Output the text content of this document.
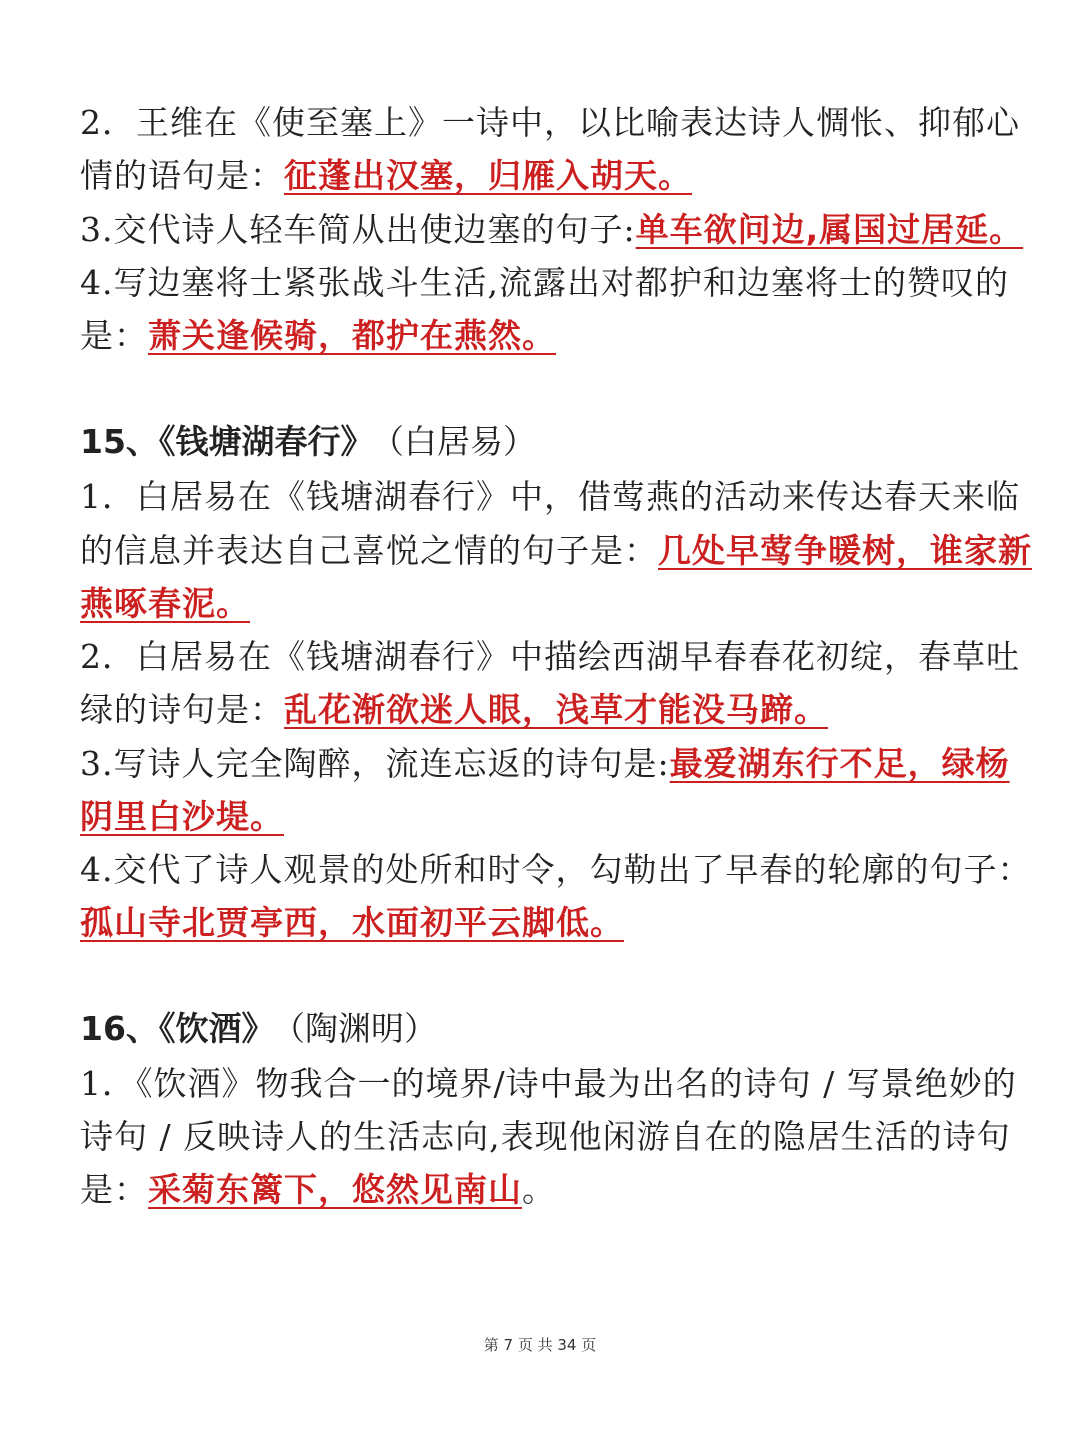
2．王维在《使至塞上》一诗中，以比喻表达诗人惆怅、抑郁心
情的语句是：征蓬出汉塞，归雁入胡天。
3.交代诗人轻车简从出使边塞的句子:单车欲问边,属国过居延。
4.写边塞将士紧张战斗生活,流露出对都护和边塞将士的赞叹的
是：萧关逢候骑，都护在燕然。
15、《钱塘湖春行》 （白居易）
1．白居易在《钱塘湖春行》中，借莺燕的活动来传达春天来临
的信息并表达自己喜悦之情的句子是：几处早莺争暖树，谁家新
燕啄春泥。
2．白居易在《钱塘湖春行》中描绘西湖早春春花初绽，春草吐
绿的诗句是：乱花渐欲迷人眼，浅草才能没马蹄。
3.写诗人完全陶醉，流连忘返的诗句是:最爱湖东行不足，绿杨
阴里白沙堤。
4.交代了诗人观景的处所和时令，勾勒出了早春的轮廓的句子：
孤山寺北贾亭西，水面初平云脚低。
16、《饮酒》 （陶渊明）
1．《饮酒》物我合一的境界/诗中最为出名的诗句 / 写景绝妙的
诗句 / 反映诗人的生活志向,表现他闲游自在的隐居生活的诗句
是：采菊东篱下，悠然见南山。
第 7 页 共 34 页
